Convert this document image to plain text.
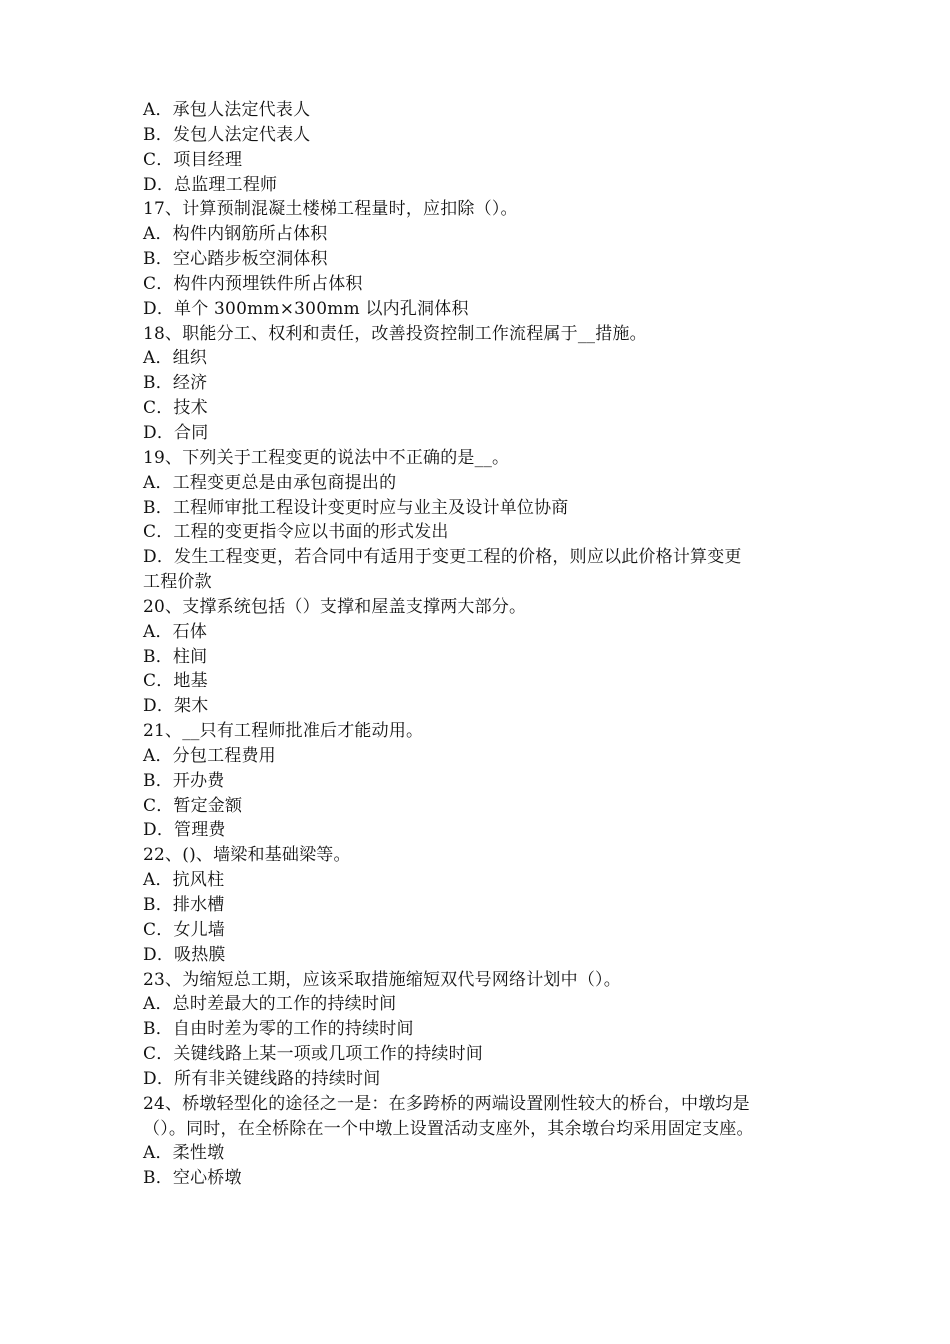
A．承包人法定代表人
B．发包人法定代表人
C．项目经理
D．总监理工程师
17、计算预制混凝土楼梯工程量时，应扣除（）。
A．构件内钢筋所占体积
B．空心踏步板空洞体积
C．构件内预埋铁件所占体积
D．单个 300mm×300mm 以内孔洞体积
18、职能分工、权利和责任，改善投资控制工作流程属于__措施。
A．组织
B．经济
C．技术
D．合同
19、下列关于工程变更的说法中不正确的是__。
A．工程变更总是由承包商提出的
B．工程师审批工程设计变更时应与业主及设计单位协商
C．工程的变更指令应以书面的形式发出
D．发生工程变更，若合同中有适用于变更工程的价格，则应以此价格计算变更
工程价款
20、支撑系统包括（）支撑和屋盖支撑两大部分。
A．石体
B．柱间
C．地基
D．架木
21、__只有工程师批准后才能动用。
A．分包工程费用
B．开办费
C．暂定金额
D．管理费
22、()、墙梁和基础梁等。
A．抗风柱
B．排水槽
C．女儿墙
D．吸热膜
23、为缩短总工期，应该采取措施缩短双代号网络计划中（）。
A．总时差最大的工作的持续时间
B．自由时差为零的工作的持续时间
C．关键线路上某一项或几项工作的持续时间
D．所有非关键线路的持续时间
24、桥墩轻型化的途径之一是：在多跨桥的两端设置刚性较大的桥台，中墩均是
（）。同时，在全桥除在一个中墩上设置活动支座外，其余墩台均采用固定支座。
A．柔性墩
B．空心桥墩
